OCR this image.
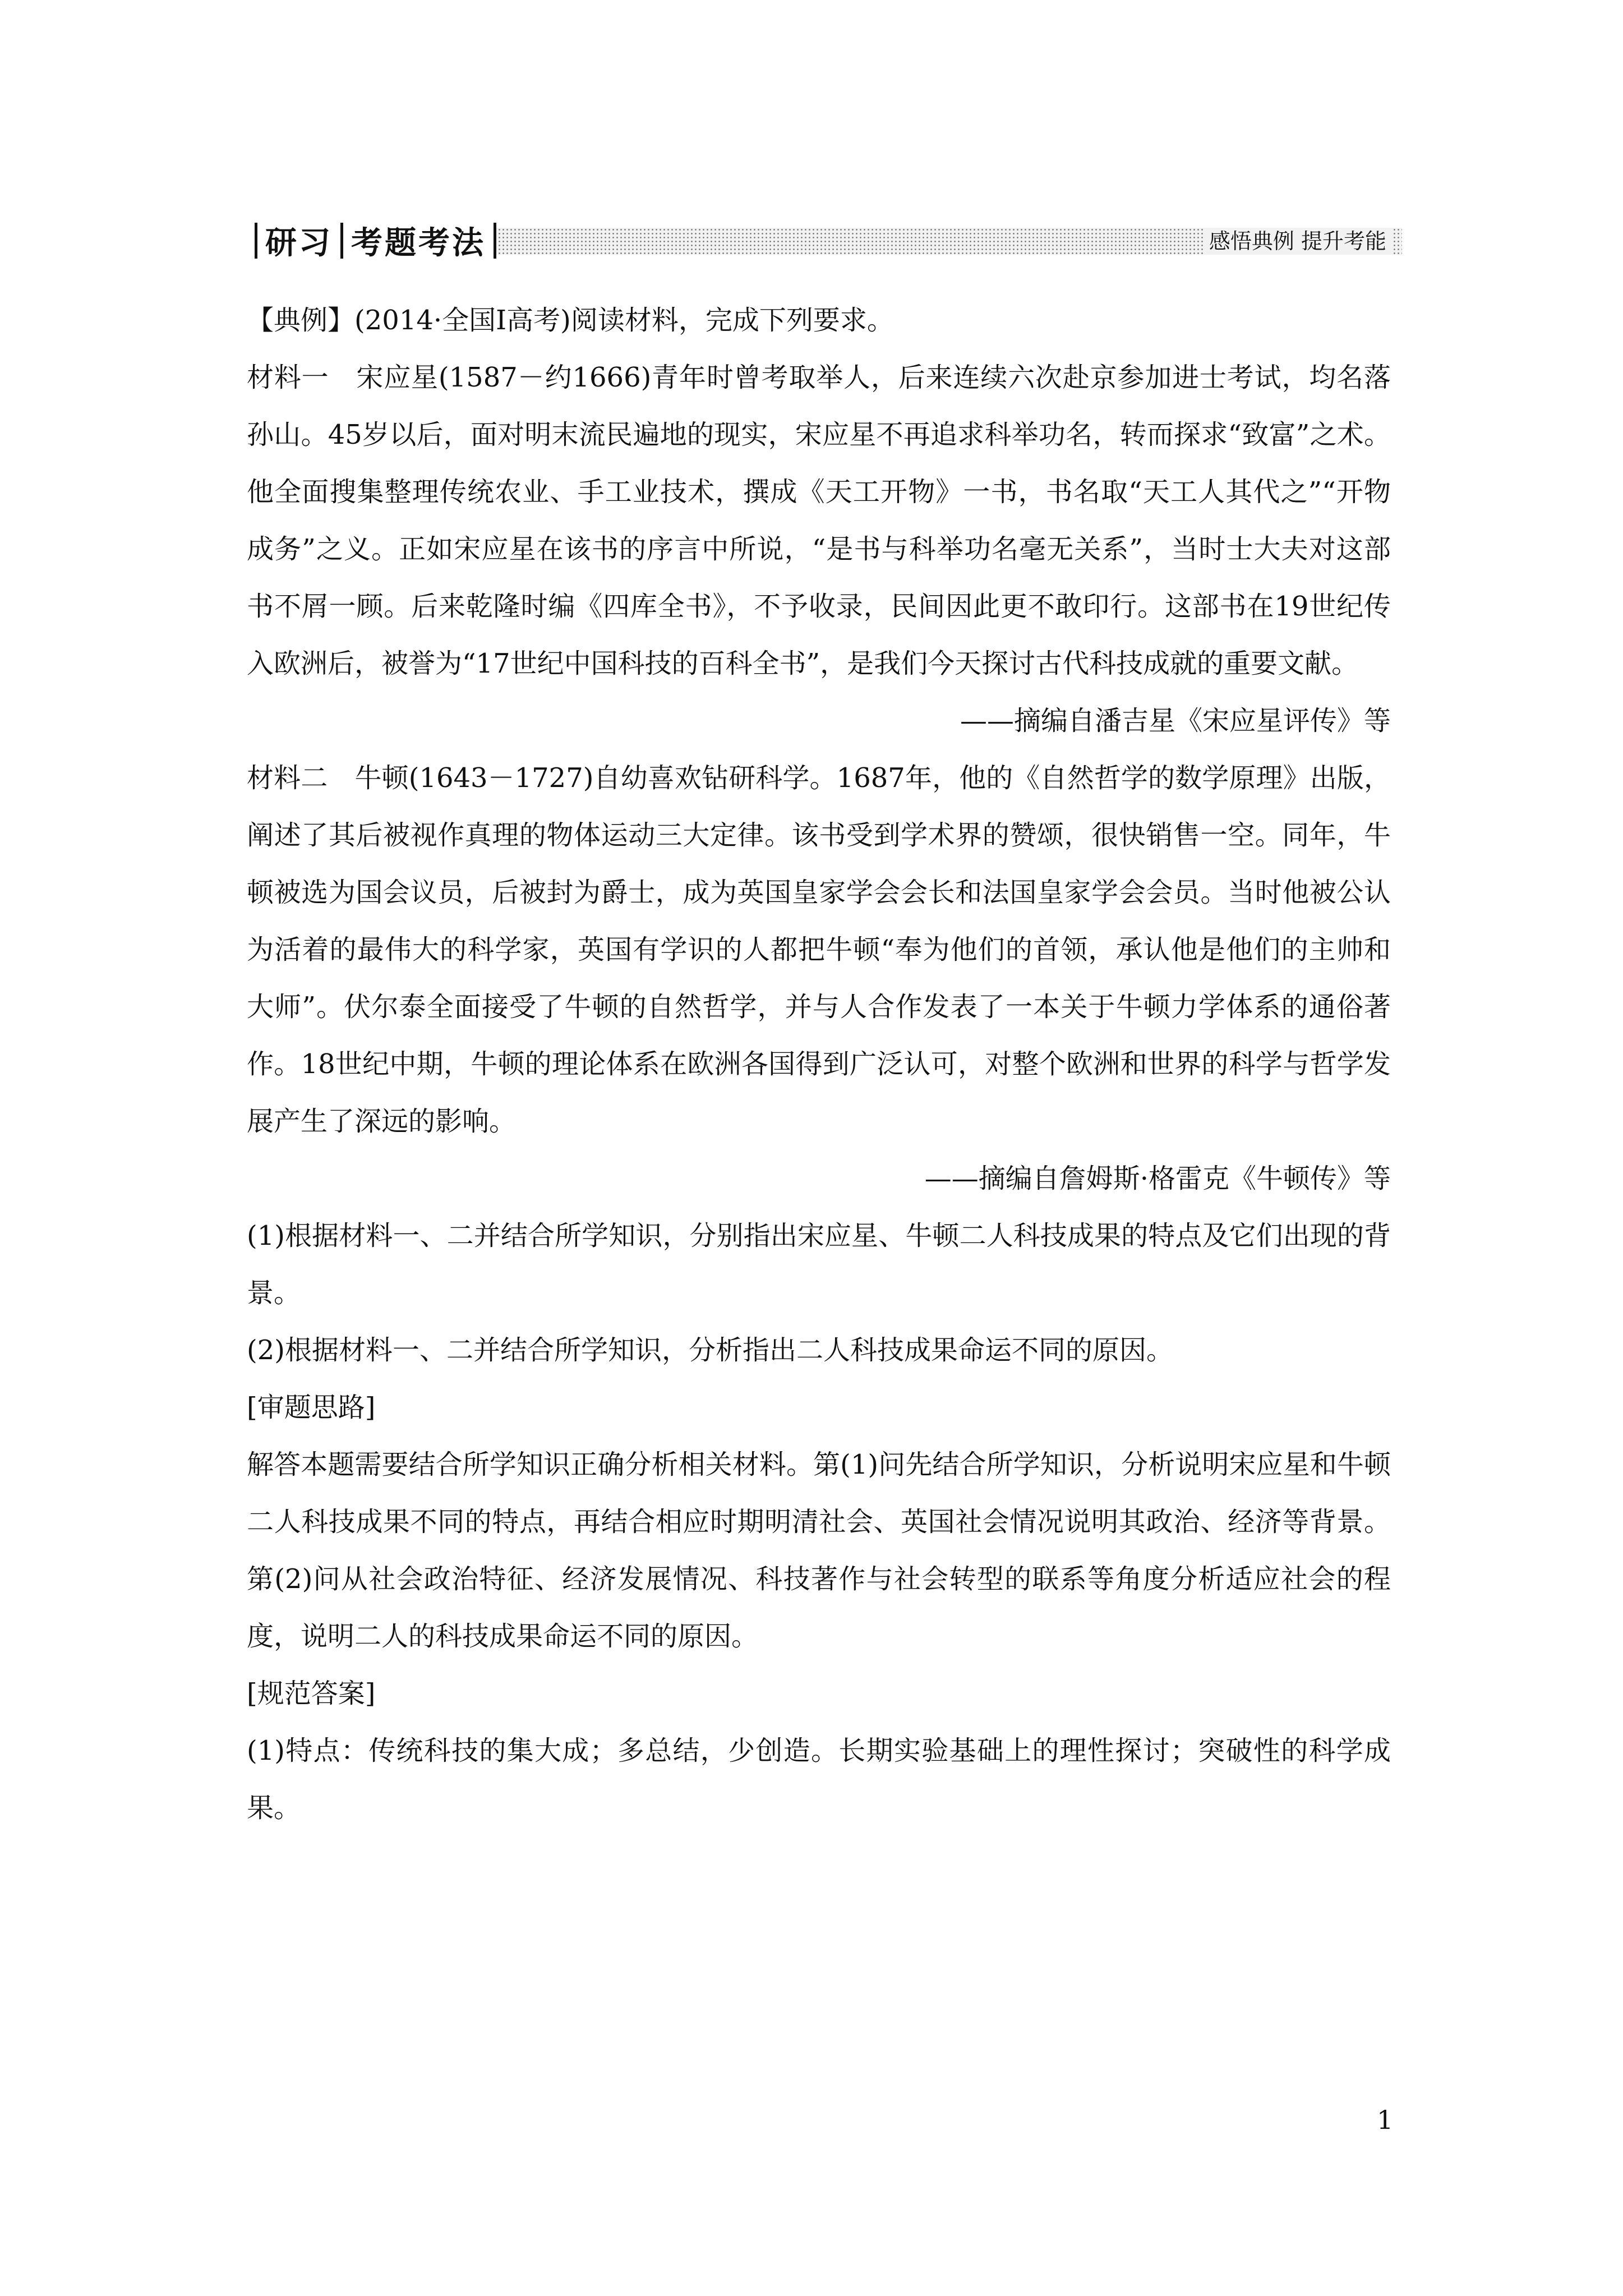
研习 考题考法	感悟典例 提升考能

【典例】(2014·全国Ⅰ高考)阅读材料，完成下列要求。

材料一 宋应星(1587－约1666)青年时曾考取举人，后来连续六次赴京参加进士考试，均名落孙山。45岁以后，面对明末流民遍地的现实，宋应星不再追求科举功名，转而探求“致富”之术。他全面搜集整理传统农业、手工业技术，撰成《天工开物》一书，书名取“天工人其代之”“开物成务”之义。正如宋应星在该书的序言中所说，“是书与科举功名毫无关系”，当时士大夫对这部书不屑一顾。后来乾隆时编《四库全书》，不予收录，民间因此更不敢印行。这部书在19世纪传入欧洲后，被誉为“17世纪中国科技的百科全书”，是我们今天探讨古代科技成就的重要文献。

——摘编自潘吉星《宋应星评传》等

材料二 牛顿(1643－1727)自幼喜欢钻研科学。1687年，他的《自然哲学的数学原理》出版，阐述了其后被视作真理的物体运动三大定律。该书受到学术界的赞颂，很快销售一空。同年，牛顿被选为国会议员，后被封为爵士，成为英国皇家学会会长和法国皇家学会会员。当时他被公认为活着的最伟大的科学家，英国有学识的人都把牛顿“奉为他们的首领，承认他是他们的主帅和大师”。伏尔泰全面接受了牛顿的自然哲学，并与人合作发表了一本关于牛顿力学体系的通俗著作。18世纪中期，牛顿的理论体系在欧洲各国得到广泛认可，对整个欧洲和世界的科学与哲学发展产生了深远的影响。

——摘编自詹姆斯·格雷克《牛顿传》等

(1)根据材料一、二并结合所学知识，分别指出宋应星、牛顿二人科技成果的特点及它们出现的背景。

(2)根据材料一、二并结合所学知识，分析指出二人科技成果命运不同的原因。

[审题思路]

解答本题需要结合所学知识正确分析相关材料。第(1)问先结合所学知识，分析说明宋应星和牛顿二人科技成果不同的特点，再结合相应时期明清社会、英国社会情况说明其政治、经济等背景。第(2)问从社会政治特征、经济发展情况、科技著作与社会转型的联系等角度分析适应社会的程度，说明二人的科技成果命运不同的原因。

[规范答案]

(1)特点：传统科技的集大成；多总结，少创造。长期实验基础上的理性探讨；突破性的科学成果。

1
